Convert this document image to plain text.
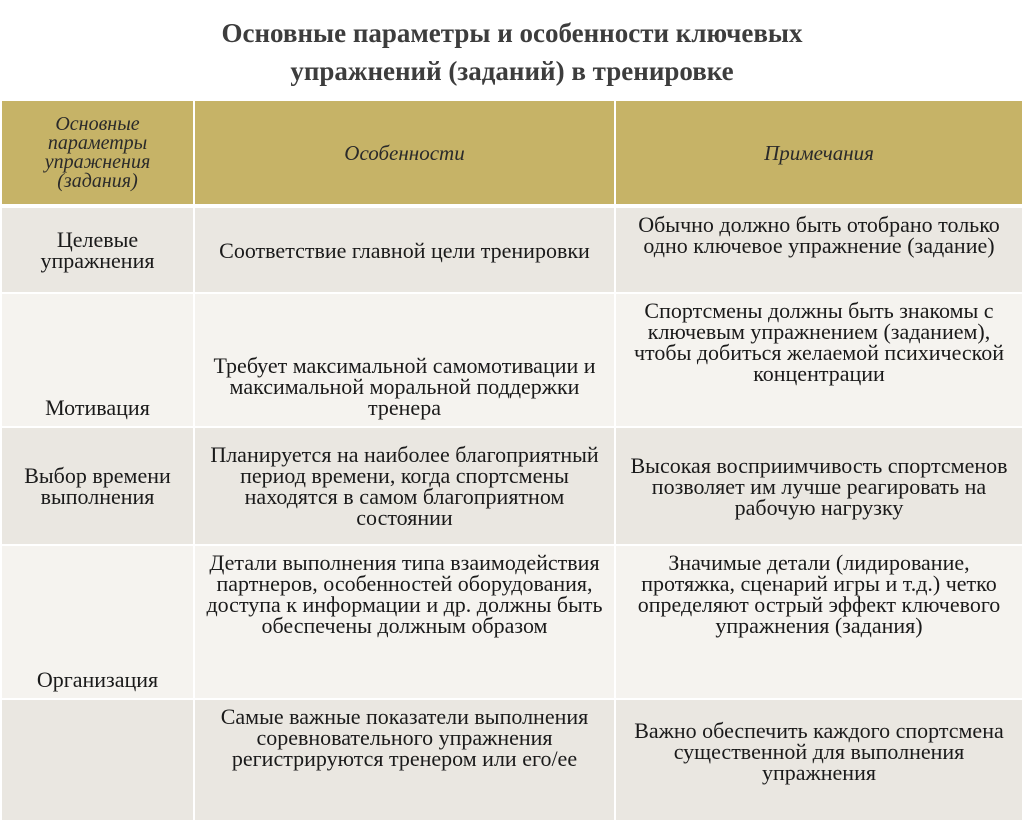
Основные параметры и особенности ключевых
упражнений (заданий) в тренировке
Основные параметры упражнения (задания)	Особенности	Примечания

Целевые упражнения	Соответствие главной цели тренировки	Обычно должно быть отобрано только одно ключевое упражнение (задание)

Мотивация	Требует максимальной самомотивации и максимальной моральной поддержки тренера	Спортсмены должны быть знакомы с ключевым упражнением (заданием), чтобы добиться желаемой психической концентрации

Выбор времени выполнения	Планируется на наиболее благоприятный период времени, когда спортсмены находятся в самом благоприятном состоянии	Высокая восприимчивость спортсменов позволяет им лучше реагировать на рабочую нагрузку

Организация	Детали выполнения типа взаимодействия партнеров, особенностей оборудования, доступа к информации и др. должны быть обеспечены должным образом	Значимые детали (лидирование, протяжка, сценарий игры и т.д.) четко определяют острый эффект ключевого упражнения (задания)

	Самые важные показатели выполнения соревновательного упражнения регистрируются тренером или его/ее	Важно обеспечить каждого спортсмена существенной для выполнения упражнения
